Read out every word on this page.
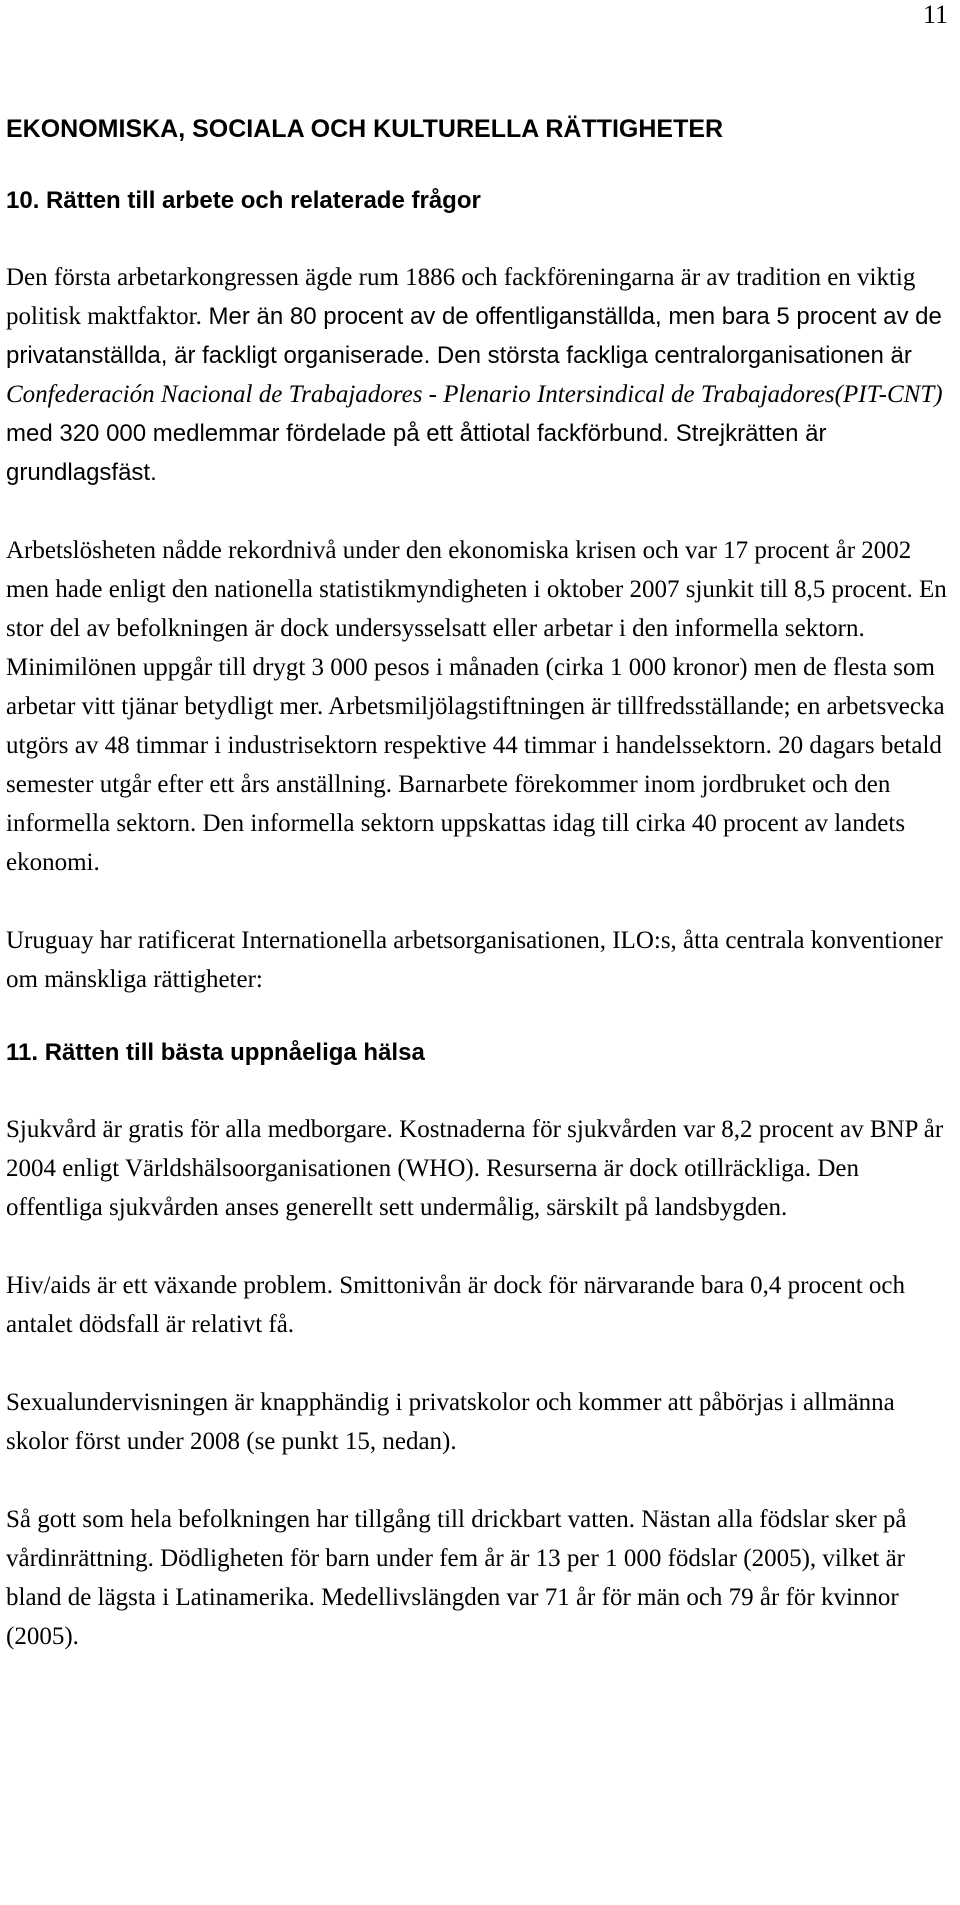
11
EKONOMISKA, SOCIALA OCH KULTURELLA RÄTTIGHETER
10. Rätten till arbete och relaterade frågor

Den första arbetarkongressen ägde rum 1886 och fackföreningarna är av tradition en viktig politisk maktfaktor. Mer än 80 procent av de offentliganställda, men bara 5 procent av de privatanställda, är fackligt organiserade. Den största fackliga centralorganisationen är Confederación Nacional de Trabajadores - Plenario Intersindical de Trabajadores(PIT-CNT) med 320 000 medlemmar fördelade på ett åttiotal fackförbund. Strejkrätten är grundlagsfäst.

Arbetslösheten nådde rekordnivå under den ekonomiska krisen och var 17 procent år 2002 men hade enligt den nationella statistikmyndigheten i oktober 2007 sjunkit till 8,5 procent. En stor del av befolkningen är dock undersysselsatt eller arbetar i den informella sektorn. Minimilönen uppgår till drygt 3 000 pesos i månaden (cirka 1 000 kronor) men de flesta som arbetar vitt tjänar betydligt mer. Arbetsmiljölagstiftningen är tillfredsställande; en arbetsvecka utgörs av 48 timmar i industrisektorn respektive 44 timmar i handelssektorn. 20 dagars betald semester utgår efter ett års anställning. Barnarbete förekommer inom jordbruket och den informella sektorn. Den informella sektorn uppskattas idag till cirka 40 procent av landets ekonomi.

Uruguay har ratificerat Internationella arbetsorganisationen, ILO:s, åtta centrala konventioner om mänskliga rättigheter:

11. Rätten till bästa uppnåeliga hälsa

Sjukvård är gratis för alla medborgare. Kostnaderna för sjukvården var 8,2 procent av BNP år 2004 enligt Världshälsoorganisationen (WHO). Resurserna är dock otillräckliga. Den offentliga sjukvården anses generellt sett undermålig, särskilt på landsbygden.

Hiv/aids är ett växande problem. Smittonivån är dock för närvarande bara 0,4 procent och antalet dödsfall är relativt få.

Sexualundervisningen är knapphändig i privatskolor och kommer att påbörjas i allmänna skolor först under 2008 (se punkt 15, nedan).

Så gott som hela befolkningen har tillgång till drickbart vatten. Nästan alla födslar sker på vårdinrättning. Dödligheten för barn under fem år är 13 per 1 000 födslar (2005), vilket är bland de lägsta i Latinamerika. Medellivslängden var 71 år för män och 79 år för kvinnor (2005).
